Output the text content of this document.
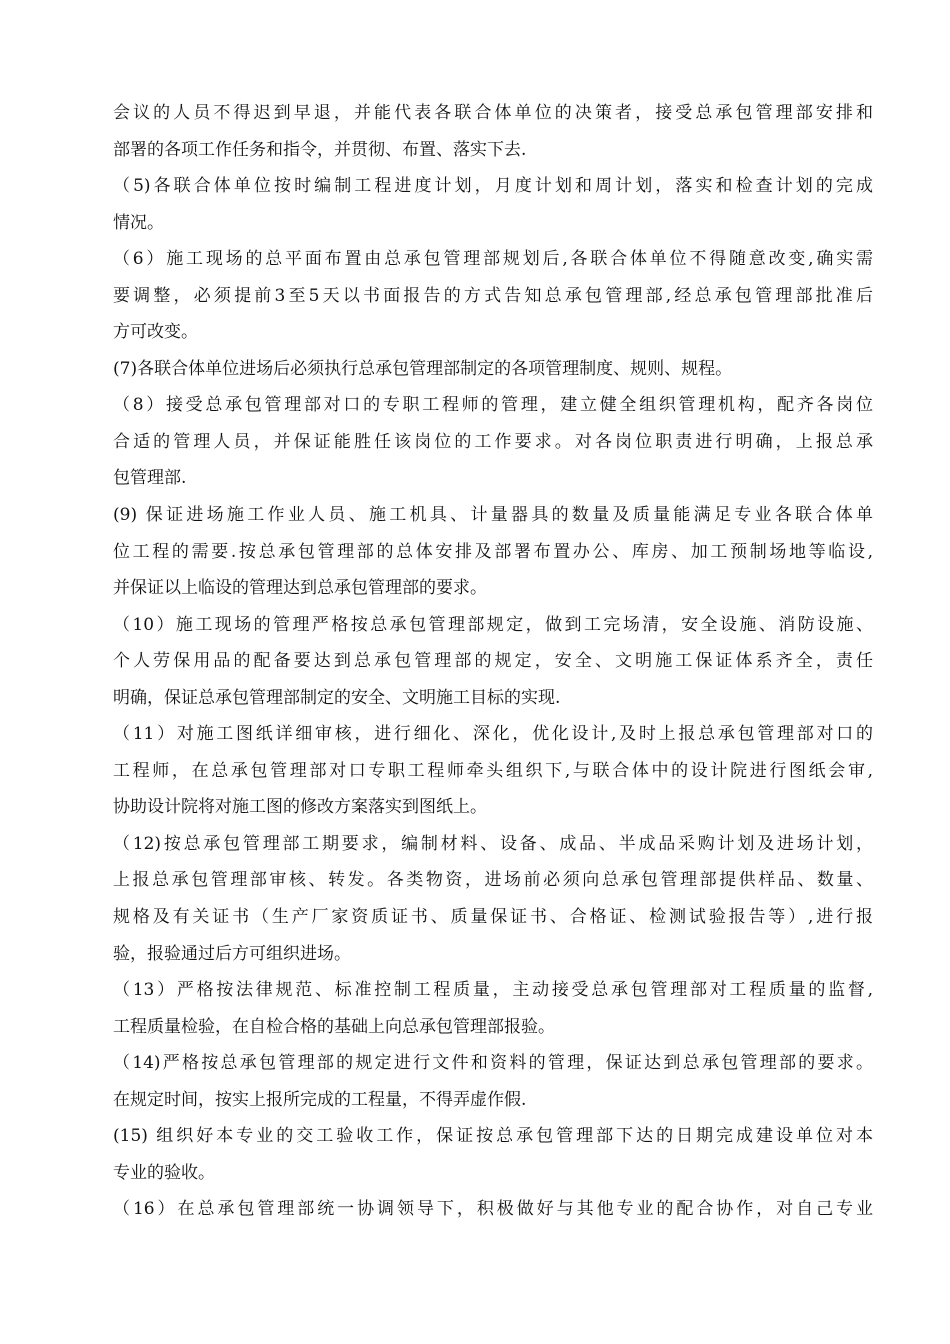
会议的人员不得迟到早退，并能代表各联合体单位的决策者，接受总承包管理部安排和
部署的各项工作任务和指令，并贯彻、布置、落实下去.
（5)各联合体单位按时编制工程进度计划，月度计划和周计划，落实和检查计划的完成
情况。
（6）施工现场的总平面布置由总承包管理部规划后,各联合体单位不得随意改变,确实需
要调整，必须提前3至5天以书面报告的方式告知总承包管理部,经总承包管理部批准后
方可改变。
(7)各联合体单位进场后必须执行总承包管理部制定的各项管理制度、规则、规程。
（8）接受总承包管理部对口的专职工程师的管理，建立健全组织管理机构，配齐各岗位
合适的管理人员，并保证能胜任该岗位的工作要求。对各岗位职责进行明确，上报总承
包管理部.
(9) 保证进场施工作业人员、施工机具、计量器具的数量及质量能满足专业各联合体单
位工程的需要.按总承包管理部的总体安排及部署布置办公、库房、加工预制场地等临设,
并保证以上临设的管理达到总承包管理部的要求。
（10）施工现场的管理严格按总承包管理部规定，做到工完场清，安全设施、消防设施、
个人劳保用品的配备要达到总承包管理部的规定，安全、文明施工保证体系齐全，责任
明确，保证总承包管理部制定的安全、文明施工目标的实现.
（11）对施工图纸详细审核，进行细化、深化，优化设计,及时上报总承包管理部对口的
工程师，在总承包管理部对口专职工程师牵头组织下,与联合体中的设计院进行图纸会审,
协助设计院将对施工图的修改方案落实到图纸上。
（12)按总承包管理部工期要求，编制材料、设备、成品、半成品采购计划及进场计划，
上报总承包管理部审核、转发。各类物资，进场前必须向总承包管理部提供样品、数量、
规格及有关证书（生产厂家资质证书、质量保证书、合格证、检测试验报告等）,进行报
验，报验通过后方可组织进场。
（13）严格按法律规范、标准控制工程质量，主动接受总承包管理部对工程质量的监督,
工程质量检验，在自检合格的基础上向总承包管理部报验。
（14)严格按总承包管理部的规定进行文件和资料的管理，保证达到总承包管理部的要求。
在规定时间，按实上报所完成的工程量，不得弄虚作假.
(15) 组织好本专业的交工验收工作，保证按总承包管理部下达的日期完成建设单位对本
专业的验收。
（16）在总承包管理部统一协调领导下，积极做好与其他专业的配合协作，对自己专业
